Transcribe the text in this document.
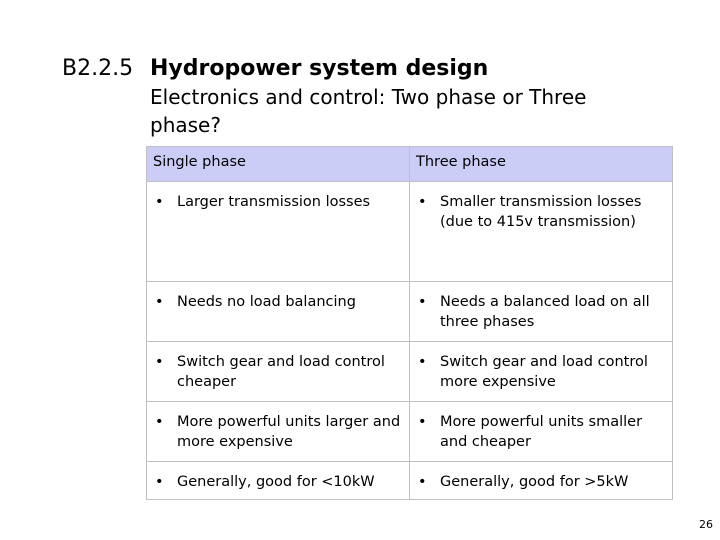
B2.2.5 Hydropower system design
Electronics and control: Two phase or Three phase?
Single phase	Three phase

• Larger transmission losses	• Smaller transmission losses (due to 415v transmission)

• Needs no load balancing	• Needs a balanced load on all three phases

• Switch gear and load control cheaper	• Switch gear and load control more expensive

• More powerful units larger and more expensive	• More powerful units smaller and cheaper

• Generally, good for <10kW	• Generally, good for >5kW
26
